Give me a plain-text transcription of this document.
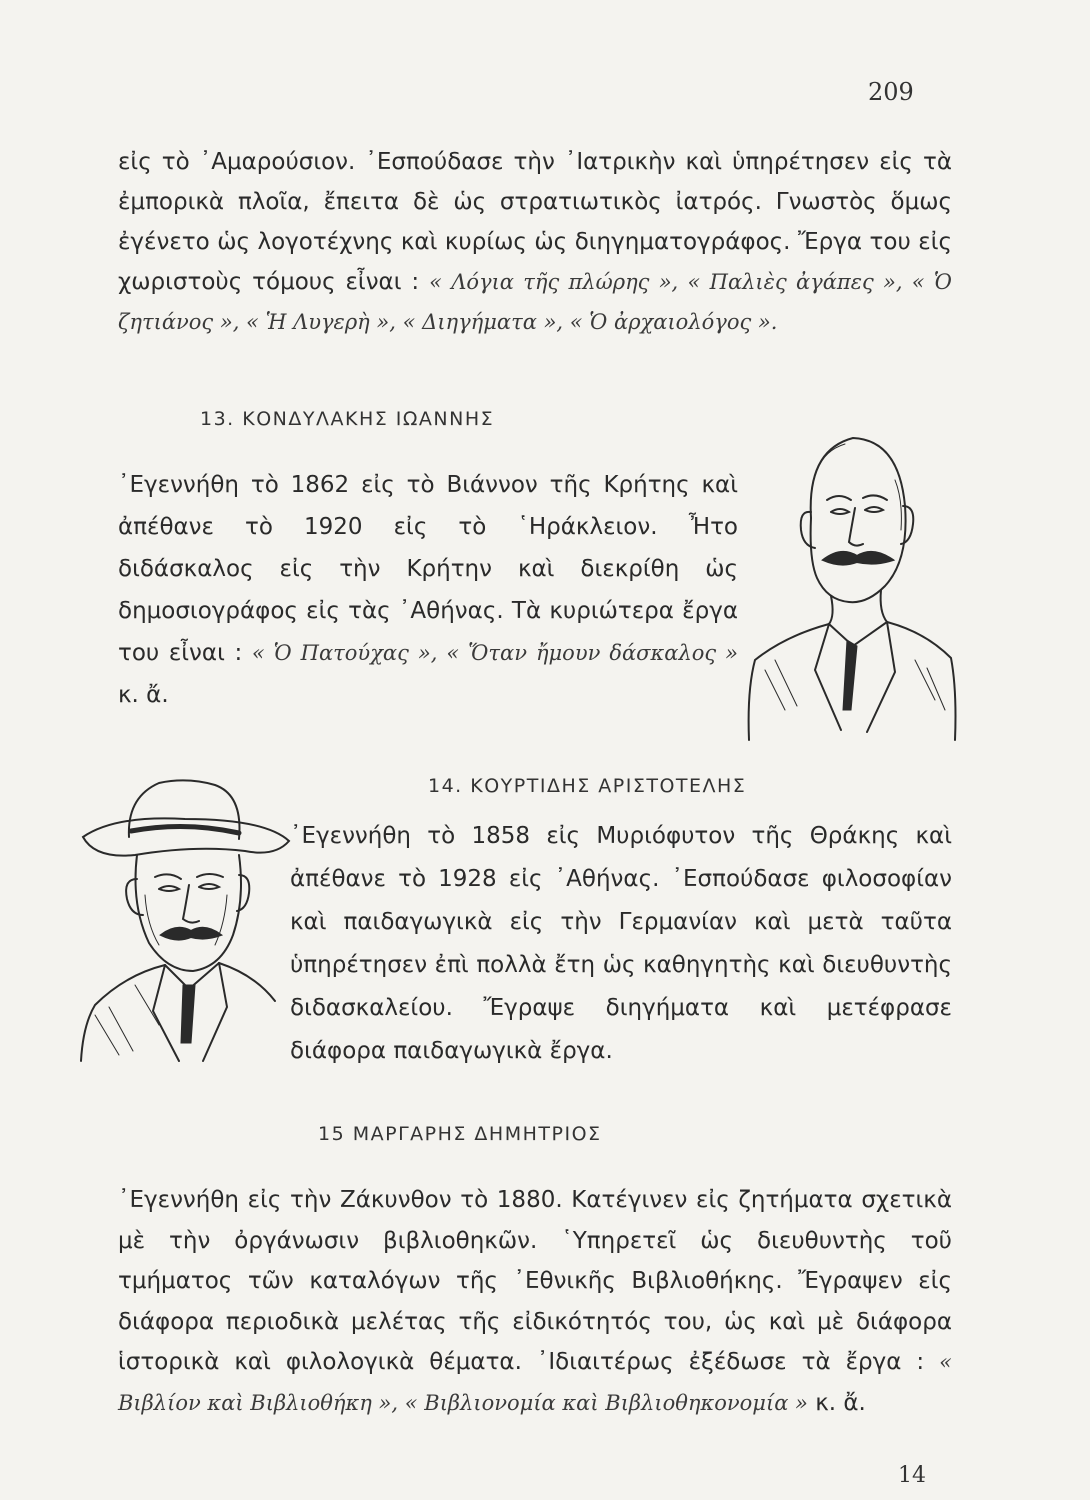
209

εἰς τὸ ᾿Αμαρούσιον. ᾿Εσπούδασε τὴν ᾿Ιατρικὴν καὶ ὑπηρέτησεν εἰς τὰ ἐμπορικὰ πλοῖα, ἔπειτα δὲ ὡς στρατιωτικὸς ἰατρός. Γνωστὸς ὅμως ἐγένετο ὡς λογοτέχνης καὶ κυρίως ὡς διηγηματογράφος. Ἔργα του εἰς χωριστοὺς τόμους εἶναι : « Λόγια τῆς πλώρης », « Παλιὲς ἀγάπες », « Ὁ ζητιάνος », « Ἡ Λυγερὴ », « Διηγήματα », « Ὁ ἀρχαιολόγος ».

13. ΚΟΝΔΥΛΑΚΗΣ ΙΩΑΝΝΗΣ

᾿Εγεννήθη τὸ 1862 εἰς τὸ Βιάννον τῆς Κρήτης καὶ ἀπέθανε τὸ 1920 εἰς τὸ ῾Ηράκλειον. Ἦτο διδάσκαλος εἰς τὴν Κρήτην καὶ διεκρίθη ὡς δημοσιογράφος εἰς τὰς ᾿Αθήνας. Τὰ κυριώτερα ἔργα του εἶναι : « Ὁ Πατούχας », « Ὅταν ἤμουν δάσκαλος » κ. ἄ.

14. ΚΟΥΡΤΙΔΗΣ ΑΡΙΣΤΟΤΕΛΗΣ

᾿Εγεννήθη τὸ 1858 εἰς Μυριόφυτον τῆς Θράκης καὶ ἀπέθανε τὸ 1928 εἰς ᾿Αθήνας. ᾿Εσπούδασε φιλοσοφίαν καὶ παιδαγωγικὰ εἰς τὴν Γερμανίαν καὶ μετὰ ταῦτα ὑπηρέτησεν ἐπὶ πολλὰ ἔτη ὡς καθηγητὴς καὶ διευθυντὴς διδασκαλείου. Ἔγραψε διηγήματα καὶ μετέφρασε διάφορα παιδαγωγικὰ ἔργα.

15 ΜΑΡΓΑΡΗΣ ΔΗΜΗΤΡΙΟΣ

᾿Εγεννήθη εἰς τὴν Ζάκυνθον τὸ 1880. Κατέγινεν εἰς ζητήματα σχετικὰ μὲ τὴν ὀργάνωσιν βιβλιοθηκῶν. ῾Υπηρετεῖ ὡς διευθυντὴς τοῦ τμήματος τῶν καταλόγων τῆς ᾿Εθνικῆς Βιβλιοθήκης. Ἔγραψεν εἰς διάφορα περιοδικὰ μελέτας τῆς εἰδικότητός του, ὡς καὶ μὲ διάφορα ἱστορικὰ καὶ φιλολογικὰ θέματα. ᾿Ιδιαιτέρως ἐξέδωσε τὰ ἔργα : « Βιβλίον καὶ Βιβλιοθήκη », « Βιβλιονομία καὶ Βιβλιοθηκονομία » κ. ἄ.

14
